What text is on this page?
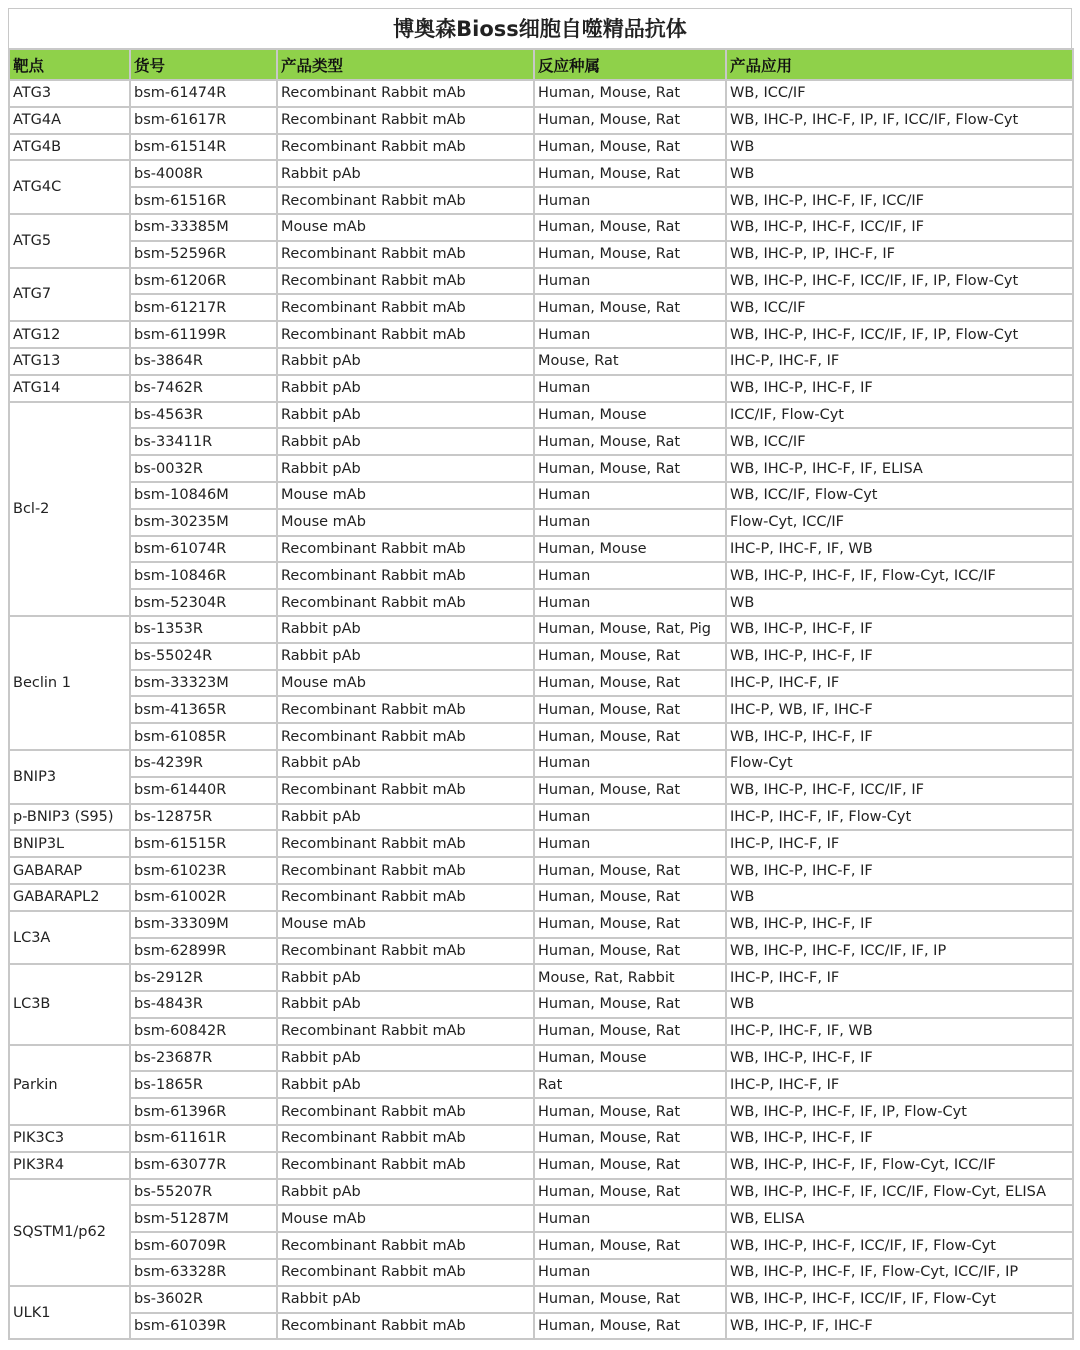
博奥森Bioss细胞自噬精品抗体
靶点	货号	产品类型	反应种属	产品应用
ATG3	bsm-61474R	Recombinant Rabbit mAb	Human, Mouse, Rat	WB, ICC/IF
ATG4A	bsm-61617R	Recombinant Rabbit mAb	Human, Mouse, Rat	WB, IHC-P, IHC-F, IP, IF, ICC/IF, Flow-Cyt
ATG4B	bsm-61514R	Recombinant Rabbit mAb	Human, Mouse, Rat	WB
ATG4C	bs-4008R	Rabbit pAb	Human, Mouse, Rat	WB
	bsm-61516R	Recombinant Rabbit mAb	Human	WB, IHC-P, IHC-F, IF, ICC/IF
ATG5	bsm-33385M	Mouse mAb	Human, Mouse, Rat	WB, IHC-P, IHC-F, ICC/IF, IF
	bsm-52596R	Recombinant Rabbit mAb	Human, Mouse, Rat	WB, IHC-P, IP, IHC-F, IF
ATG7	bsm-61206R	Recombinant Rabbit mAb	Human	WB, IHC-P, IHC-F, ICC/IF, IF, IP, Flow-Cyt
	bsm-61217R	Recombinant Rabbit mAb	Human, Mouse, Rat	WB, ICC/IF
ATG12	bsm-61199R	Recombinant Rabbit mAb	Human	WB, IHC-P, IHC-F, ICC/IF, IF, IP, Flow-Cyt
ATG13	bs-3864R	Rabbit pAb	Mouse, Rat	IHC-P, IHC-F, IF
ATG14	bs-7462R	Rabbit pAb	Human	WB, IHC-P, IHC-F, IF
Bcl-2	bs-4563R	Rabbit pAb	Human, Mouse	ICC/IF, Flow-Cyt
	bs-33411R	Rabbit pAb	Human, Mouse, Rat	WB, ICC/IF
	bs-0032R	Rabbit pAb	Human, Mouse, Rat	WB, IHC-P, IHC-F, IF, ELISA
	bsm-10846M	Mouse mAb	Human	WB, ICC/IF, Flow-Cyt
	bsm-30235M	Mouse mAb	Human	Flow-Cyt, ICC/IF
	bsm-61074R	Recombinant Rabbit mAb	Human, Mouse	IHC-P, IHC-F, IF, WB
	bsm-10846R	Recombinant Rabbit mAb	Human	WB, IHC-P, IHC-F, IF, Flow-Cyt, ICC/IF
	bsm-52304R	Recombinant Rabbit mAb	Human	WB
Beclin 1	bs-1353R	Rabbit pAb	Human, Mouse, Rat, Pig	WB, IHC-P, IHC-F, IF
	bs-55024R	Rabbit pAb	Human, Mouse, Rat	WB, IHC-P, IHC-F, IF
	bsm-33323M	Mouse mAb	Human, Mouse, Rat	IHC-P, IHC-F, IF
	bsm-41365R	Recombinant Rabbit mAb	Human, Mouse, Rat	IHC-P, WB, IF, IHC-F
	bsm-61085R	Recombinant Rabbit mAb	Human, Mouse, Rat	WB, IHC-P, IHC-F, IF
BNIP3	bs-4239R	Rabbit pAb	Human	Flow-Cyt
	bsm-61440R	Recombinant Rabbit mAb	Human, Mouse, Rat	WB, IHC-P, IHC-F, ICC/IF, IF
p-BNIP3 (S95)	bs-12875R	Rabbit pAb	Human	IHC-P, IHC-F, IF, Flow-Cyt
BNIP3L	bsm-61515R	Recombinant Rabbit mAb	Human	IHC-P, IHC-F, IF
GABARAP	bsm-61023R	Recombinant Rabbit mAb	Human, Mouse, Rat	WB, IHC-P, IHC-F, IF
GABARAPL2	bsm-61002R	Recombinant Rabbit mAb	Human, Mouse, Rat	WB
LC3A	bsm-33309M	Mouse mAb	Human, Mouse, Rat	WB, IHC-P, IHC-F, IF
	bsm-62899R	Recombinant Rabbit mAb	Human, Mouse, Rat	WB, IHC-P, IHC-F, ICC/IF, IF, IP
LC3B	bs-2912R	Rabbit pAb	Mouse, Rat, Rabbit	IHC-P, IHC-F, IF
	bs-4843R	Rabbit pAb	Human, Mouse, Rat	WB
	bsm-60842R	Recombinant Rabbit mAb	Human, Mouse, Rat	IHC-P, IHC-F, IF, WB
Parkin	bs-23687R	Rabbit pAb	Human, Mouse	WB, IHC-P, IHC-F, IF
	bs-1865R	Rabbit pAb	Rat	IHC-P, IHC-F, IF
	bsm-61396R	Recombinant Rabbit mAb	Human, Mouse, Rat	WB, IHC-P, IHC-F, IF, IP, Flow-Cyt
PIK3C3	bsm-61161R	Recombinant Rabbit mAb	Human, Mouse, Rat	WB, IHC-P, IHC-F, IF
PIK3R4	bsm-63077R	Recombinant Rabbit mAb	Human, Mouse, Rat	WB, IHC-P, IHC-F, IF, Flow-Cyt, ICC/IF
SQSTM1/p62	bs-55207R	Rabbit pAb	Human, Mouse, Rat	WB, IHC-P, IHC-F, IF, ICC/IF, Flow-Cyt, ELISA
	bsm-51287M	Mouse mAb	Human	WB, ELISA
	bsm-60709R	Recombinant Rabbit mAb	Human, Mouse, Rat	WB, IHC-P, IHC-F, ICC/IF, IF, Flow-Cyt
	bsm-63328R	Recombinant Rabbit mAb	Human	WB, IHC-P, IHC-F, IF, Flow-Cyt, ICC/IF, IP
ULK1	bs-3602R	Rabbit pAb	Human, Mouse, Rat	WB, IHC-P, IHC-F, ICC/IF, IF, Flow-Cyt
	bsm-61039R	Recombinant Rabbit mAb	Human, Mouse, Rat	WB, IHC-P, IF, IHC-F
